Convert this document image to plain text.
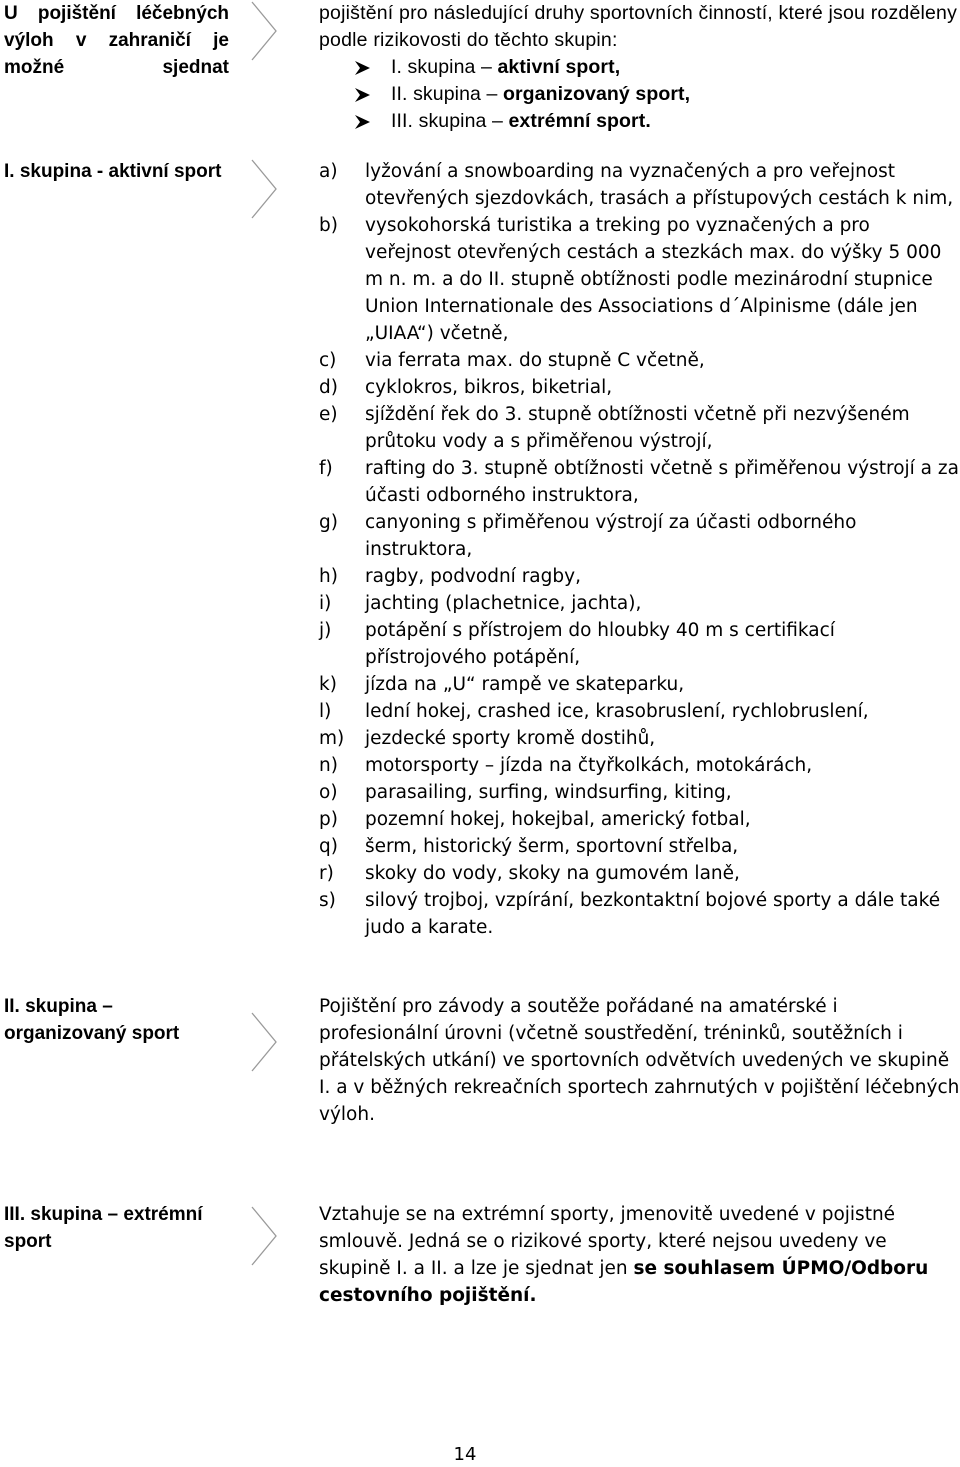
U pojištění léčebných výloh v zahraničí je možné sjednat

pojištění pro následující druhy sportovních činností, které jsou rozděleny podle rizikovosti do těchto skupin:

I. skupina – aktivní sport,
II. skupina – organizovaný sport,
III. skupina – extrémní sport.
I. skupina - aktivní sport	a) lyžování a snowboarding na vyznačených a pro veřejnost otevřených sjezdovkách, trasách a přístupových cestách k nim,
b) vysokohorská turistika a treking po vyznačených a pro veřejnost otevřených cestách a stezkách max. do výšky 5 000 m n. m. a do II. stupně obtížnosti podle mezinárodní stupnice Union Internationale des Associations d´Alpinisme (dále jen „UIAA“) včetně,
c) via ferrata max. do stupně C včetně,
d) cyklokros, bikros, biketrial,
e) sjíždění řek do 3. stupně obtížnosti včetně při nezvýšeném průtoku vody a s přiměřenou výstrojí,
f) rafting do 3. stupně obtížnosti včetně s přiměřenou výstrojí a za účasti odborného instruktora,
g) canyoning s přiměřenou výstrojí za účasti odborného instruktora,
h) ragby, podvodní ragby,
i) jachting (plachetnice, jachta),
j) potápění s přístrojem do hloubky 40 m s certifikací přístrojového potápění,
k) jízda na „U“ rampě ve skateparku,
l) lední hokej, crashed ice, krasobruslení, rychlobruslení,
m) jezdecké sporty kromě dostihů,
n) motorsporty – jízda na čtyřkolkách, motokárách,
o) parasailing, surfing, windsurfing, kiting,
p) pozemní hokej, hokejbal, americký fotbal,
q) šerm, historický šerm, sportovní střelba,
r) skoky do vody, skoky na gumovém laně,
s) silový trojboj, vzpírání, bezkontaktní bojové sporty a dále také judo a karate.
II. skupina – organizovaný sport

Pojištění pro závody a soutěže pořádané na amatérské i profesionální úrovni (včetně soustředění, tréninků, soutěžních i přátelských utkání) ve sportovních odvětvích uvedených ve skupině I. a v běžných rekreačních sportech zahrnutých v pojištění léčebných výloh.

III. skupina – extrémní sport

Vztahuje se na extrémní sporty, jmenovitě uvedené v pojistné smlouvě. Jedná se o rizikové sporty, které nejsou uvedeny ve skupině I. a II. a lze je sjednat jen se souhlasem ÚPMO/Odboru cestovního pojištění.

14
